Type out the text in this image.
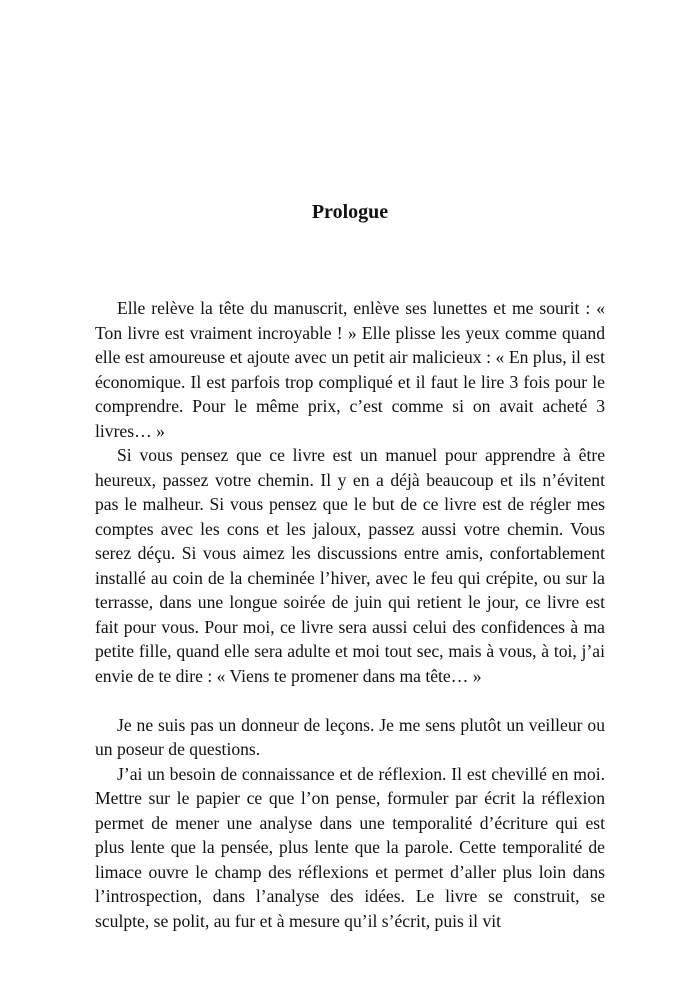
Prologue

Elle relève la tête du manuscrit, enlève ses lunettes et me sourit : « Ton livre est vraiment incroyable ! » Elle plisse les yeux comme quand elle est amoureuse et ajoute avec un petit air malicieux : « En plus, il est économique. Il est parfois trop compliqué et il faut le lire 3 fois pour le comprendre. Pour le même prix, c’est comme si on avait acheté 3 livres… »

Si vous pensez que ce livre est un manuel pour apprendre à être heureux, passez votre chemin. Il y en a déjà beaucoup et ils n’évitent pas le malheur. Si vous pensez que le but de ce livre est de régler mes comptes avec les cons et les jaloux, passez aussi votre chemin. Vous serez déçu. Si vous aimez les discussions entre amis, confortablement installé au coin de la cheminée l’hiver, avec le feu qui crépite, ou sur la terrasse, dans une longue soirée de juin qui retient le jour, ce livre est fait pour vous. Pour moi, ce livre sera aussi celui des confidences à ma petite fille, quand elle sera adulte et moi tout sec, mais à vous, à toi, j’ai envie de te dire : « Viens te promener dans ma tête… »

Je ne suis pas un donneur de leçons. Je me sens plutôt un veilleur ou un poseur de questions.

J’ai un besoin de connaissance et de réflexion. Il est chevillé en moi. Mettre sur le papier ce que l’on pense, formuler par écrit la réflexion permet de mener une analyse dans une temporalité d’écriture qui est plus lente que la pensée, plus lente que la parole. Cette temporalité de limace ouvre le champ des réflexions et permet d’aller plus loin dans l’introspection, dans l’analyse des idées. Le livre se construit, se sculpte, se polit, au fur et à mesure qu’il s’écrit, puis il vit
